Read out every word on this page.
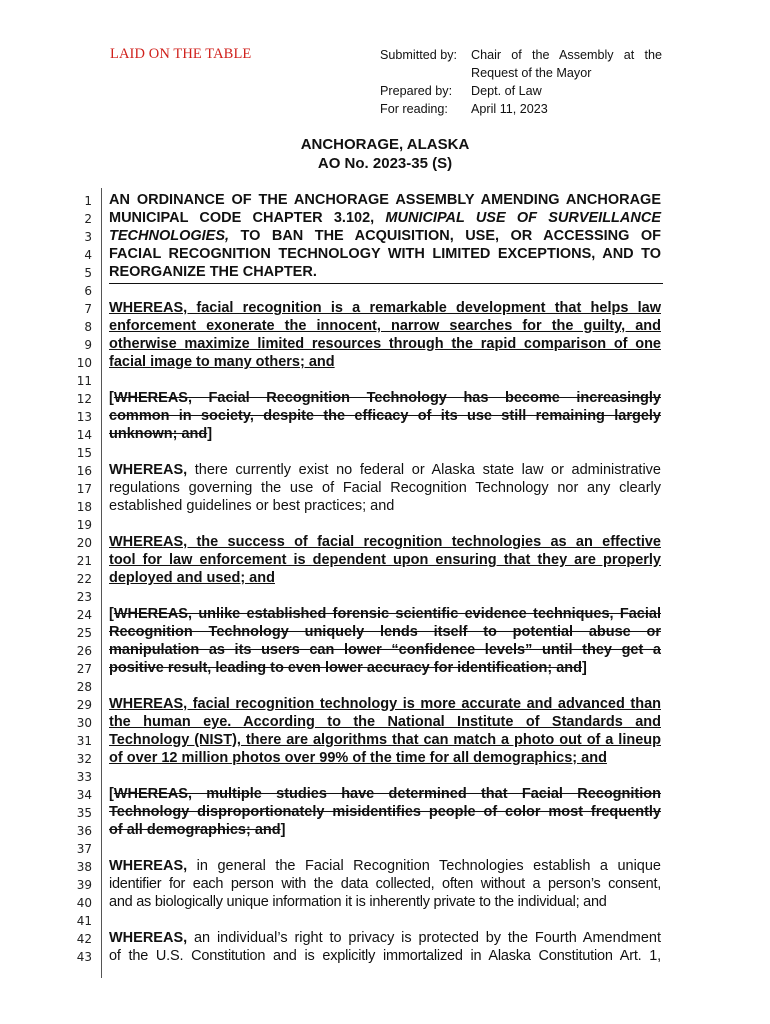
LAID ON THE TABLE	Submitted by:	Chair of the Assembly at the
Request of the Mayor
Prepared by:	Dept. of Law
For reading:	April 11, 2023
ANCHORAGE, ALASKA
AO No. 2023-35 (S)
1
2
3
4
5
6
7
8
9
10
11
12
13
14
15
16
17
18
19
20
21
22
23
24
25
26
27
28
29
30
31
32
33
34
35
36
37
38
39
40
41
42
43
AN ORDINANCE OF THE ANCHORAGE ASSEMBLY AMENDING ANCHORAGE
MUNICIPAL CODE CHAPTER 3.102, MUNICIPAL USE OF SURVEILLANCE
TECHNOLOGIES, TO BAN THE ACQUISITION, USE, OR ACCESSING OF
FACIAL RECOGNITION TECHNOLOGY WITH LIMITED EXCEPTIONS, AND TO
REORGANIZE THE CHAPTER.
WHEREAS, facial recognition is a remarkable development that helps law
enforcement exonerate the innocent, narrow searches for the guilty, and
otherwise maximize limited resources through the rapid comparison of one
facial image to many others; and
[WHEREAS, Facial Recognition Technology has become increasingly
common in society, despite the efficacy of its use still remaining largely
unknown; and]
WHEREAS, there currently exist no federal or Alaska state law or administrative
regulations governing the use of Facial Recognition Technology nor any clearly
established guidelines or best practices; and
WHEREAS, the success of facial recognition technologies as an effective
tool for law enforcement is dependent upon ensuring that they are properly
deployed and used; and
[WHEREAS, unlike established forensic scientific evidence techniques, Facial
Recognition Technology uniquely lends itself to potential abuse or
manipulation as its users can lower “confidence levels” until they get a
positive result, leading to even lower accuracy for identification; and]
WHEREAS, facial recognition technology is more accurate and advanced than
the human eye. According to the National Institute of Standards and
Technology (NIST), there are algorithms that can match a photo out of a lineup
of over 12 million photos over 99% of the time for all demographics; and
[WHEREAS, multiple studies have determined that Facial Recognition
Technology disproportionately misidentifies people of color most frequently
of all demographics; and]
WHEREAS, in general the Facial Recognition Technologies establish a unique
identifier for each person with the data collected, often without a person’s consent,
and as biologically unique information it is inherently private to the individual; and
WHEREAS, an individual’s right to privacy is protected by the Fourth Amendment
of the U.S. Constitution and is explicitly immortalized in Alaska Constitution Art. 1,
